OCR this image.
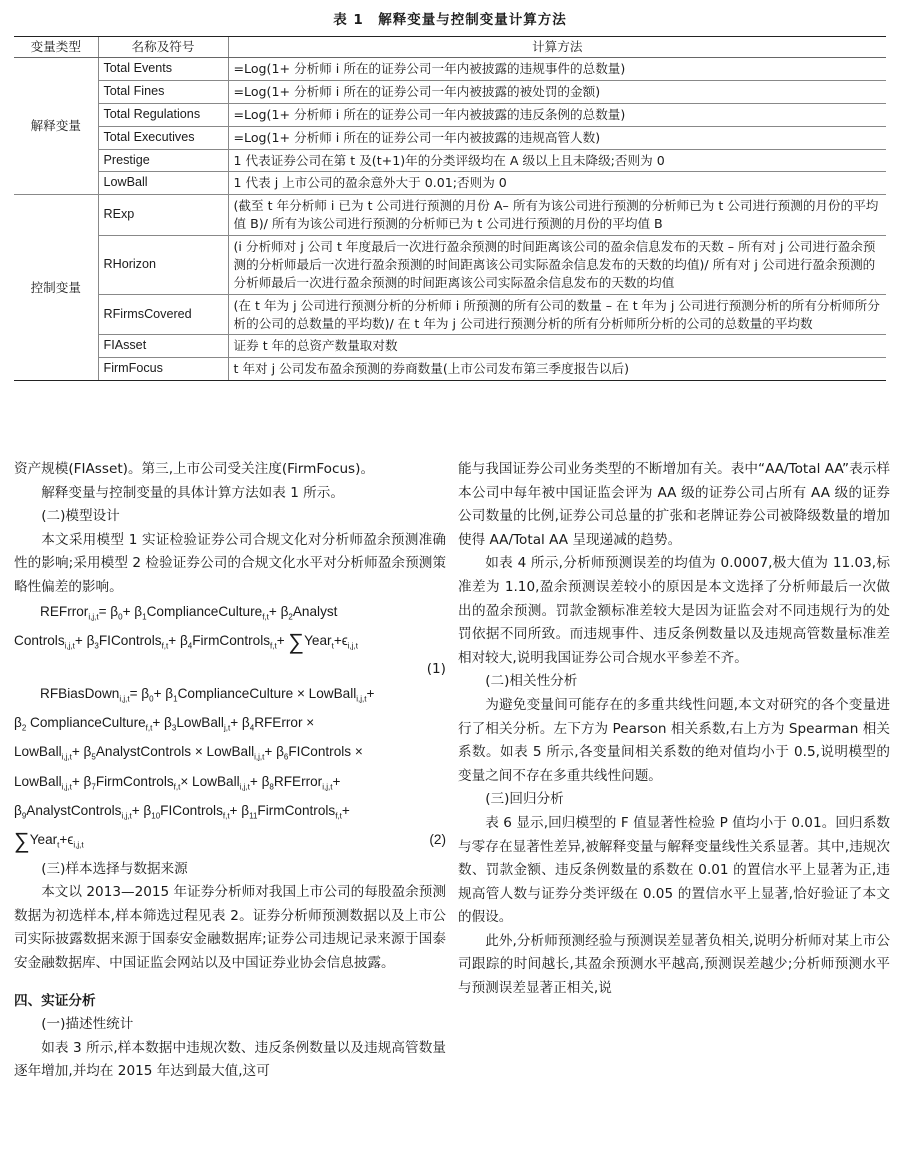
表 1　解释变量与控制变量计算方法
变量类型	名称及符号	计算方法
解释变量	Total Events	=Log(1+ 分析师 i 所在的证券公司一年内被披露的违规事件的总数量)
	Total Fines	=Log(1+ 分析师 i 所在的证券公司一年内被披露的被处罚的金额)
	Total Regulations	=Log(1+ 分析师 i 所在的证券公司一年内被披露的违反条例的总数量)
	Total Executives	=Log(1+ 分析师 i 所在的证券公司一年内被披露的违规高管人数)
	Prestige	1 代表证券公司在第 t 及(t+1)年的分类评级均在 A 级以上且未降级;否则为 0
	LowBall	1 代表 j 上市公司的盈余意外大于 0.01;否则为 0
控制变量	RExp	(截至 t 年分析师 i 已为 t 公司进行预测的月份 A– 所有为该公司进行预测的分析师已为 t 公司进行预测的月份的平均值 B)/ 所有为该公司进行预测的分析师已为 t 公司进行预测的月份的平均值 B
	RHorizon	(i 分析师对 j 公司 t 年度最后一次进行盈余预测的时间距离该公司的盈余信息发布的天数 – 所有对 j 公司进行盈余预测的分析师最后一次进行盈余预测的时间距离该公司实际盈余信息发布的天数的均值)/ 所有对 j 公司进行盈余预测的分析师最后一次进行盈余预测的时间距离该公司实际盈余信息发布的天数的均值
	RFirmsCovered	(在 t 年为 j 公司进行预测分析的分析师 i 所预测的所有公司的数量 – 在 t 年为 j 公司进行预测分析的所有分析师所分析的公司的总数量的平均数)/ 在 t 年为 j 公司进行预测分析的所有分析师所分析的公司的总数量的平均数
	FIAsset	证券 t 年的总资产数量取对数
	FirmFocus	t 年对 j 公司发布盈余预测的券商数量(上市公司发布第三季度报告以后)

资产规模(FIAsset)。第三,上市公司受关注度(FirmFocus)。

解释变量与控制变量的具体计算方法如表 1 所示。

(二)模型设计

本文采用模型 1 实证检验证券公司合规文化对分析师盈余预测准确性的影响;采用模型 2 检验证券公司的合规文化水平对分析师盈余预测策略性偏差的影响。

REFrror$_{i,j,t}$= $\beta_0+$ $\beta_1ComplianceCulture_{f,t}+$ $\beta_2Analyst$
Controls$_{i,j,t}$+ $\beta_3FIControls_{f,t}+$ $\beta_4FirmControls_{f,t}+$ $\sum Year_t+\epsilon_{i,j,t}$
(1)
RFBiasDown$_{i,j,t}$= $\beta_0+$ $\beta_1ComplianceCulture$ × LowBall$_{i,j,t}$+
$\beta_2$ ComplianceCulture$_{f,t}$+ $\beta_3LowBall_{j,t}+$ $\beta_4RFError$ ×
LowBall$_{i,j,t}$+ $\beta_5AnalystControls$ × LowBall$_{i,j,t}$+ $\beta_6FIControls$ ×
LowBall$_{i,j,t}$+ $\beta_7FirmControls_{f,t}\times$ LowBall$_{i,j,t}$+ $\beta_8RFError_{i,j,t}+$
$\beta_9AnalystControls_{i,j,t}+$ $\beta_{10}FIControls_{f,t}+$ $\beta_{11}FirmControls_{f,t}+$
$\sum Year_t+\epsilon_{i,j,t}$	(2)

(三)样本选择与数据来源

本文以 2013—2015 年证券分析师对我国上市公司的每股盈余预测数据为初选样本,样本筛选过程见表 2。证券分析师预测数据以及上市公司实际披露数据来源于国泰安金融数据库;证券公司违规记录来源于国泰安金融数据库、中国证监会网站以及中国证券业协会信息披露。

四、实证分析

(一)描述性统计

如表 3 所示,样本数据中违规次数、违反条例数量以及违规高管数量逐年增加,并均在 2015 年达到最大值,这可

能与我国证券公司业务类型的不断增加有关。表中“AA/Total AA”表示样本公司中每年被中国证监会评为 AA 级的证券公司占所有 AA 级的证券公司数量的比例,证券公司总量的扩张和老牌证券公司被降级数量的增加使得 AA/Total AA 呈现递减的趋势。

如表 4 所示,分析师预测误差的均值为 0.0007,极大值为 11.03,标准差为 1.10,盈余预测误差较小的原因是本文选择了分析师最后一次做出的盈余预测。罚款金额标准差较大是因为证监会对不同违规行为的处罚依据不同所致。而违规事件、违反条例数量以及违规高管数量标准差相对较大,说明我国证券公司合规水平参差不齐。

(二)相关性分析

为避免变量间可能存在的多重共线性问题,本文对研究的各个变量进行了相关分析。左下方为 Pearson 相关系数,右上方为 Spearman 相关系数。如表 5 所示,各变量间相关系数的绝对值均小于 0.5,说明模型的变量之间不存在多重共线性问题。

(三)回归分析

表 6 显示,回归模型的 F 值显著性检验 P 值均小于 0.01。回归系数与零存在显著性差异,被解释变量与解释变量线性关系显著。其中,违规次数、罚款金额、违反条例数量的系数在 0.01 的置信水平上显著为正,违规高管人数与证券分类评级在 0.05 的置信水平上显著,恰好验证了本文的假设。

此外,分析师预测经验与预测误差显著负相关,说明分析师对某上市公司跟踪的时间越长,其盈余预测水平越高,预测误差越少;分析师预测水平与预测误差显著正相关,说
